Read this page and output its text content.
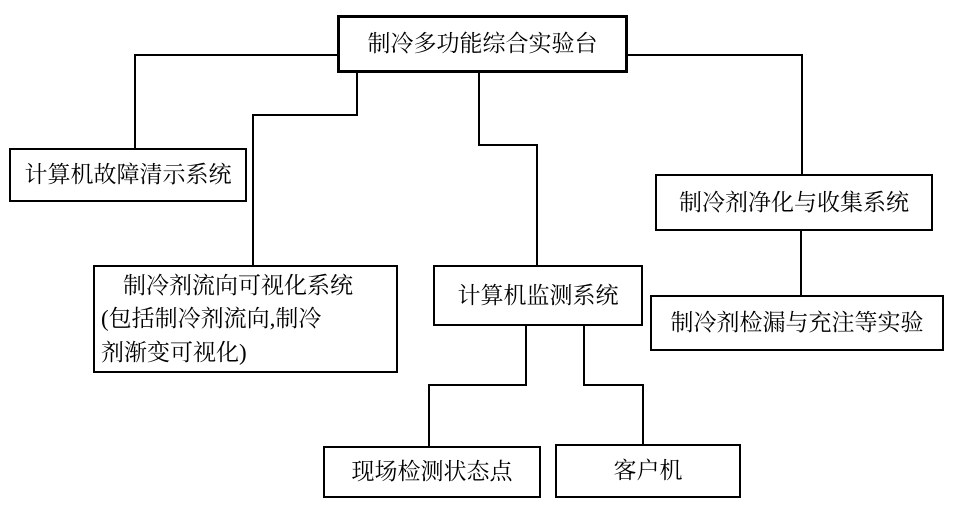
制冷多功能综合实验台
计算机故障清示系统
制冷剂流向可视化系统
(包括制冷剂流向,制冷
剂渐变可视化)
计算机监测系统
制冷剂净化与收集系统
制冷剂检漏与充注等实验
现场检测状态点	客户机
